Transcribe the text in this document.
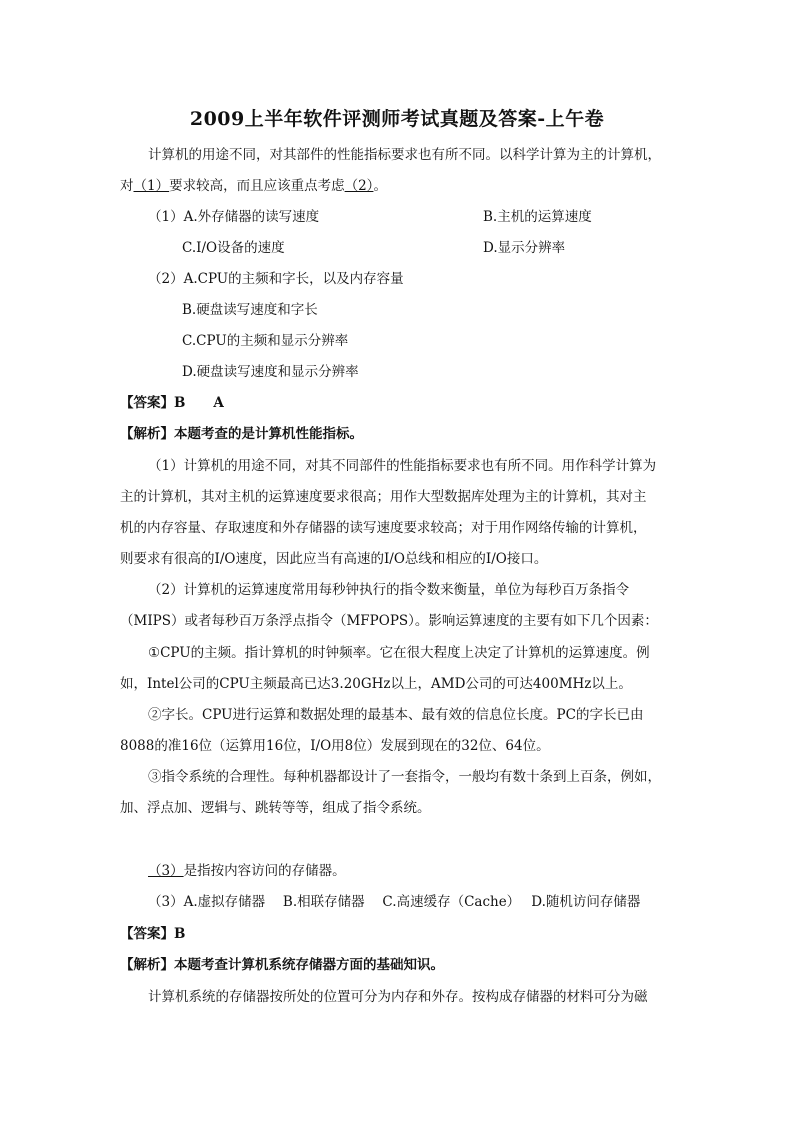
2009上半年软件评测师考试真题及答案-上午卷
计算机的用途不同，对其部件的性能指标要求也有所不同。以科学计算为主的计算机，
对（1）要求较高，而且应该重点考虑（2）。
（1）A.外存储器的读写速度	B.主机的运算速度
C.I/O设备的速度	D.显示分辨率
（2）A.CPU的主频和字长，以及内存容量
B.硬盘读写速度和字长
C.CPU的主频和显示分辨率
D.硬盘读写速度和显示分辨率
【答案】B A
【解析】本题考查的是计算机性能指标。
（1）计算机的用途不同，对其不同部件的性能指标要求也有所不同。用作科学计算为
主的计算机，其对主机的运算速度要求很高；用作大型数据库处理为主的计算机，其对主
机的内存容量、存取速度和外存储器的读写速度要求较高；对于用作网络传输的计算机，
则要求有很高的I/O速度，因此应当有高速的I/O总线和相应的I/O接口。
（2）计算机的运算速度常用每秒钟执行的指令数来衡量，单位为每秒百万条指令
（MIPS）或者每秒百万条浮点指令（MFPOPS）。影响运算速度的主要有如下几个因素：
①CPU的主频。指计算机的时钟频率。它在很大程度上决定了计算机的运算速度。例
如，Intel公司的CPU主频最高已达3.20GHz以上，AMD公司的可达400MHz以上。
②字长。CPU进行运算和数据处理的最基本、最有效的信息位长度。PC的字长已由
8088的准16位（运算用16位，I/O用8位）发展到现在的32位、64位。
③指令系统的合理性。每种机器都设计了一套指令，一般均有数十条到上百条，例如，
加、浮点加、逻辑与、跳转等等，组成了指令系统。
（3）是指按内容访问的存储器。
（3）A.虚拟存储器　 B.相联存储器　 C.高速缓存（Cache）　 D.随机访问存储器
【答案】B
【解析】本题考查计算机系统存储器方面的基础知识。
计算机系统的存储器按所处的位置可分为内存和外存。按构成存储器的材料可分为磁
